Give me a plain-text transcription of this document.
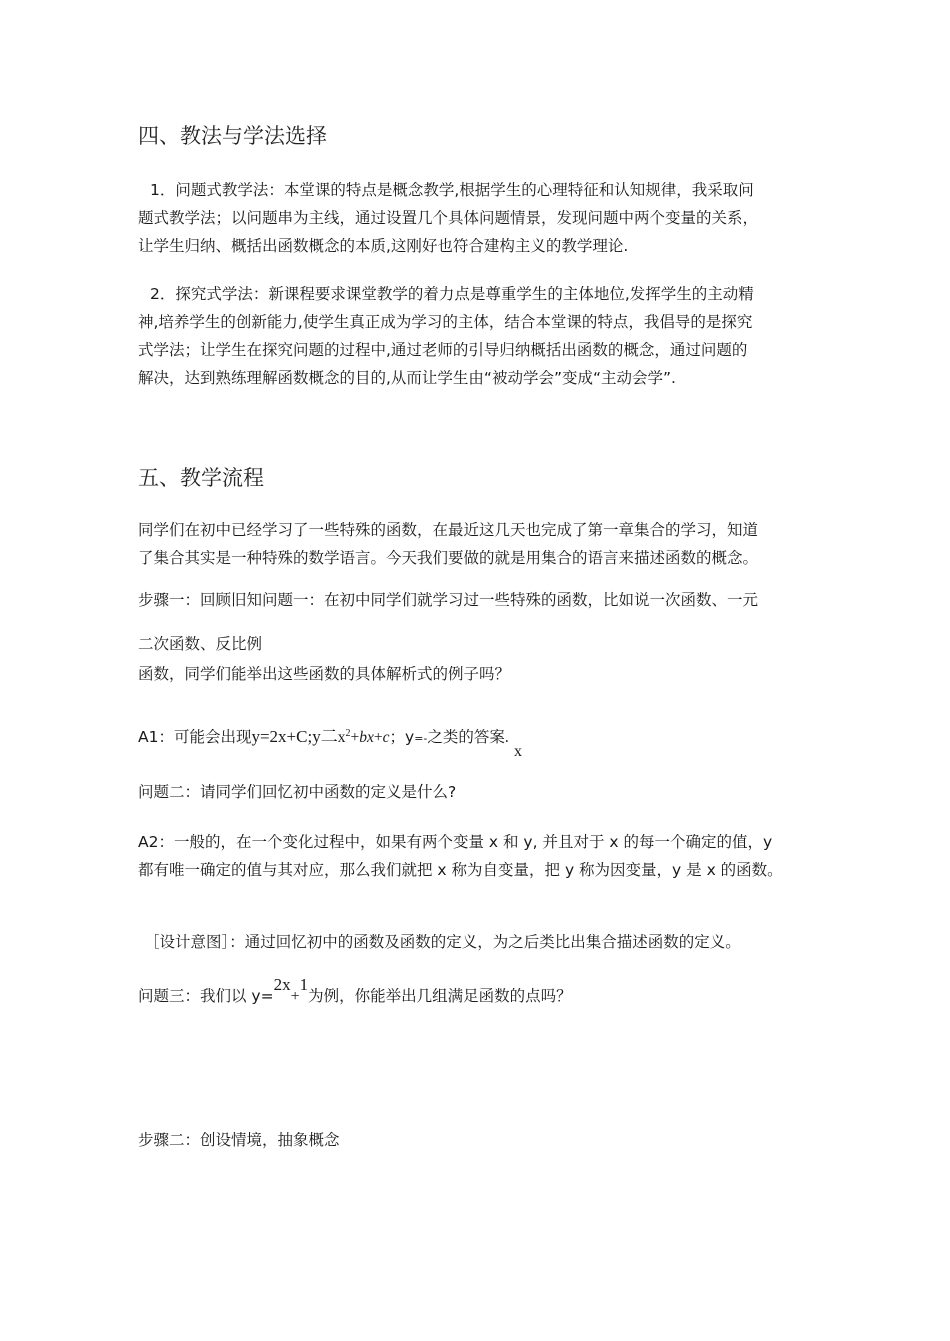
四、教法与学法选择
1．问题式教学法：本堂课的特点是概念教学,根据学生的心理特征和认知规律，我采取问
题式教学法；以问题串为主线，通过设置几个具体问题情景，发现问题中两个变量的关系，
让学生归纳、概括出函数概念的本质,这刚好也符合建构主义的教学理论.
2．探究式学法：新课程要求课堂教学的着力点是尊重学生的主体地位,发挥学生的主动精
神,培养学生的创新能力,使学生真正成为学习的主体，结合本堂课的特点，我倡导的是探究
式学法；让学生在探究问题的过程中,通过老师的引导归纳概括出函数的概念，通过问题的
解决，达到熟练理解函数概念的目的,从而让学生由“被动学会”变成“主动会学”.
五、教学流程
同学们在初中已经学习了一些特殊的函数，在最近这几天也完成了第一章集合的学习，知道
了集合其实是一种特殊的数学语言。今天我们要做的就是用集合的语言来描述函数的概念。
步骤一：回顾旧知问题一：在初中同学们就学习过一些特殊的函数，比如说一次函数、一元
二次函数、反比例
函数，同学们能举出这些函数的具体解析式的例子吗？
A1：可能会出现y=2x+C;y二$x^2+bx+c$；y=-之类的答案.
x
问题二：请同学们回忆初中函数的定义是什么?
A2：一般的，在一个变化过程中，如果有两个变量 x 和 y, 并且对于 x 的每一个确定的值，y
都有唯一确定的值与其对应，那么我们就把 x 称为自变量，把 y 称为因变量，y 是 x 的函数。
［设计意图］：通过回忆初中的函数及函数的定义，为之后类比出集合描述函数的定义。
问题三：我们以 y=2x+1为例，你能举出几组满足函数的点吗？
步骤二：创设情境，抽象概念
